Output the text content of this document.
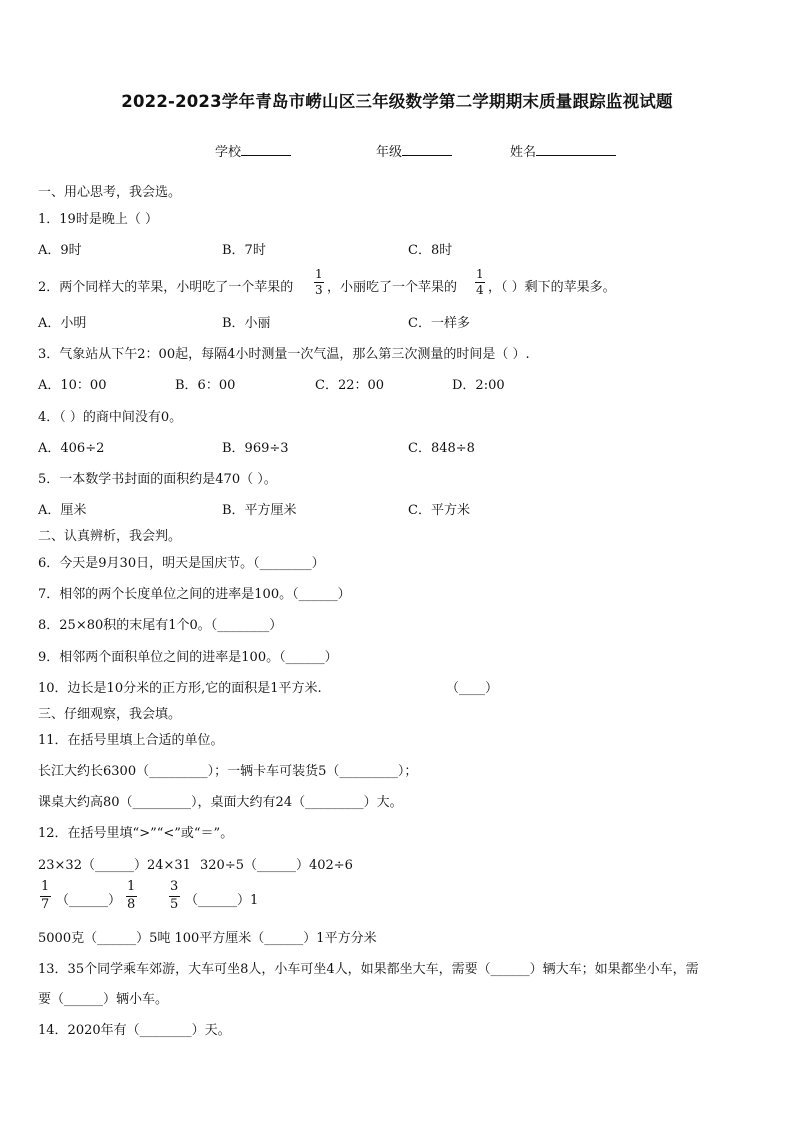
2022-2023学年青岛市崂山区三年级数学第二学期期末质量跟踪监视试题
学校	年级	姓名
一、用心思考，我会选。
1．19时是晚上（ ）
A．9时	B．7时	C．8时
2．两个同样大的苹果，小明吃了一个苹果的
1
3 ，小丽吃了一个苹果的
1
4 ，（ ）剩下的苹果多。
A．小明	B．小丽	C．一样多
3．气象站从下午2：00起，每隔4小时测量一次气温，那么第三次测量的时间是（ ）.
A．10：00	B．6：00	C．22：00	D．2:00
4．（ ）的商中间没有0。
A．406÷2	B．969÷3	C．848÷8
5．一本数学书封面的面积约是470（ ）。
A．厘米	B．平方厘米	C．平方米
二、认真辨析，我会判。
6．今天是9月30日，明天是国庆节。（________）
7．相邻的两个长度单位之间的进率是100。（______）
8．25×80积的末尾有1个0。（________）
9．相邻两个面积单位之间的进率是100。（______）
10．边长是10分米的正方形,它的面积是1平方米.	（____）
三、仔细观察，我会填。
11．在括号里填上合适的单位。
长江大约长6300（_________）；一辆卡车可装货5（_________）；
课桌大约高80（_________），桌面大约有24（_________）大。
12．在括号里填“>”“<”或“＝”。
23×32（______）24×31 320÷5（______）402÷6
1
7 （______）
1
8
3
5 （______）1
5000克（______）5吨 100平方厘米（______）1平方分米
13．35个同学乘车郊游，大车可坐8人，小车可坐4人，如果都坐大车，需要（______）辆大车；如果都坐小车，需
要（______）辆小车。
14．2020年有（________）天。
